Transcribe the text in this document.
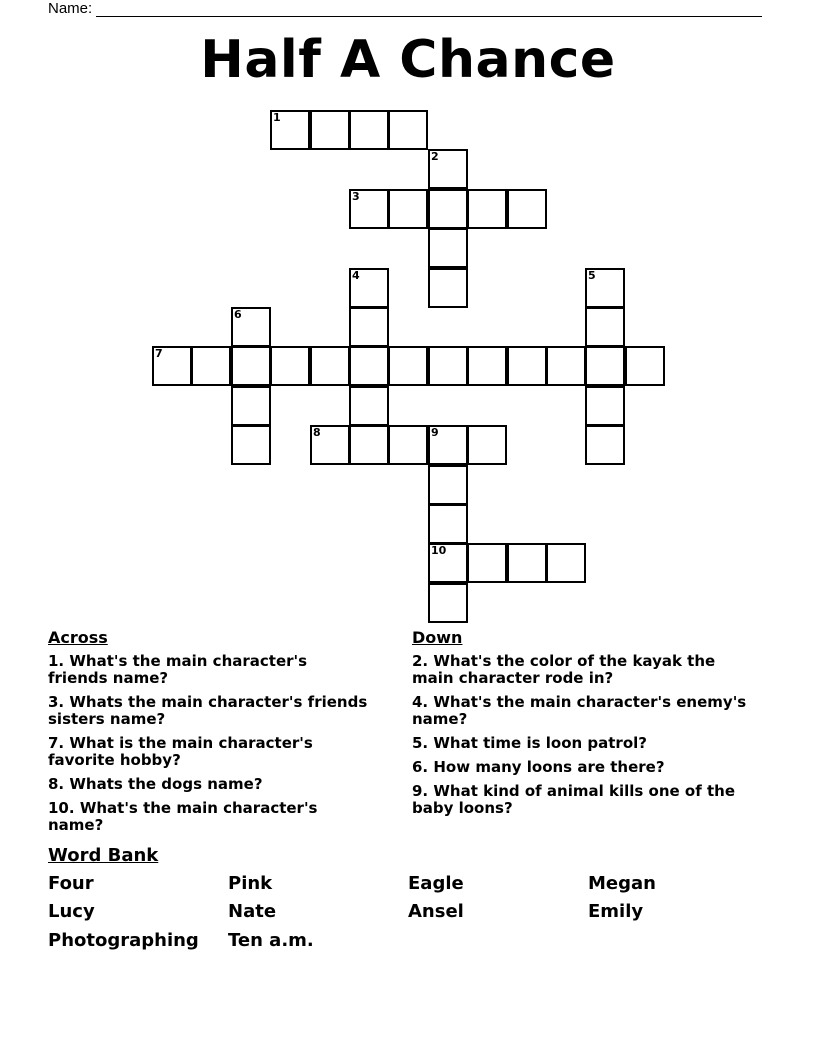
Name:
Half A Chance
1
2
3
4	5
6
7
8	9
10
Across
1. What's the main character's friends name?
3. Whats the main character's friends sisters name?
7. What is the main character's favorite hobby?
8. Whats the dogs name?
10. What's the main character's name?
Down
2. What's the color of the kayak the main character rode in?
4. What's the main character's enemy's name?
5. What time is loon patrol?
6. How many loons are there?
9. What kind of animal kills one of the baby loons?
Word Bank
Four	Pink	Eagle	Megan
Lucy	Nate	Ansel	Emily
Photographing Ten a.m.
